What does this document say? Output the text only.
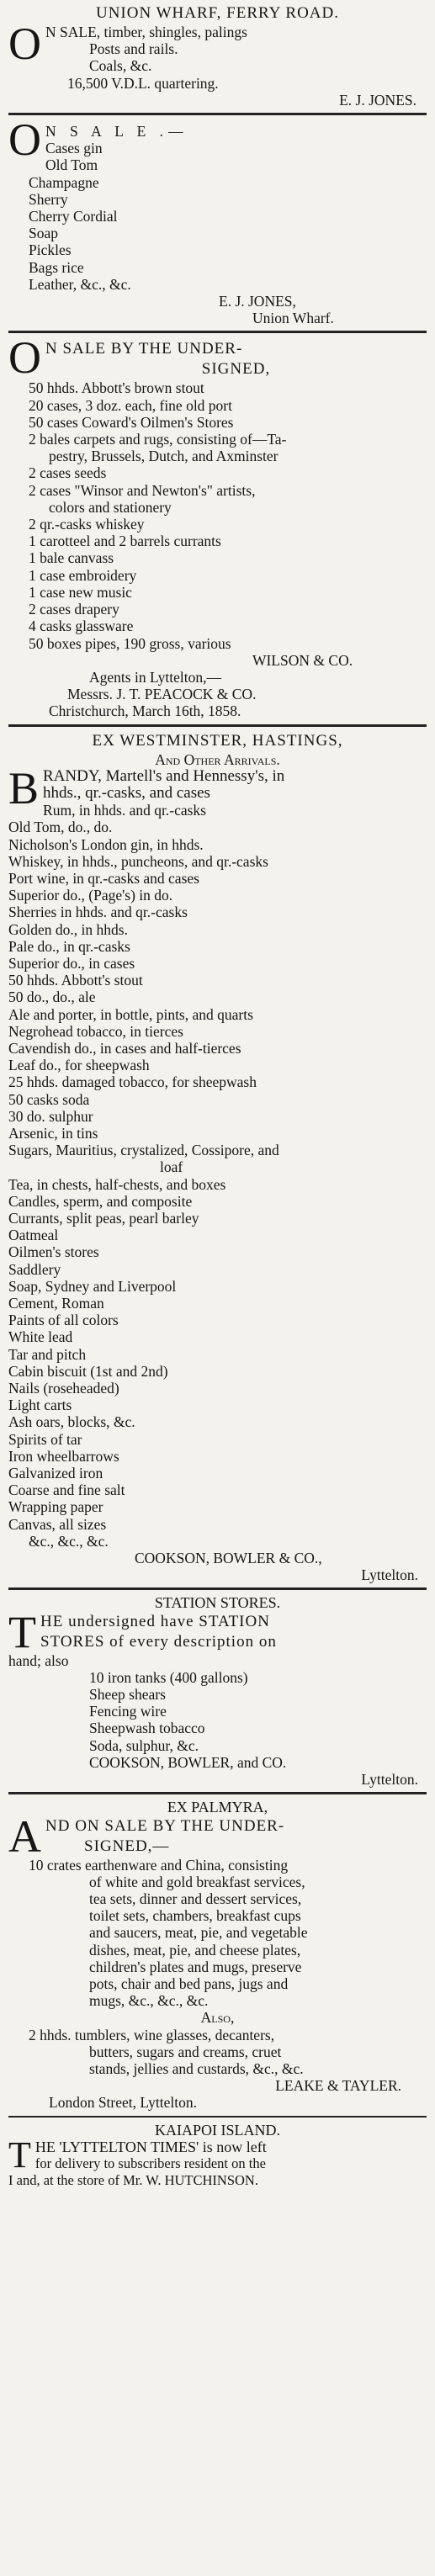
UNION WHARF, FERRY ROAD.
O N SALE, timber, shingles, palings
Posts and rails.
Coals, &c.
16,500 V.D.L. quartering.
E. J. JONES.
O N S A L E .—
Cases gin
Old Tom
Champagne
Sherry
Cherry Cordial
Soap
Pickles
Bags rice
Leather, &c., &c.
E. J. JONES,
Union Wharf.
O N SALE BY THE UNDER-
SIGNED,
50 hhds. Abbott's brown stout
20 cases, 3 doz. each, fine old port
50 cases Coward's Oilmen's Stores
2 bales carpets and rugs, consisting of—Ta-
pestry, Brussels, Dutch, and Axminster
2 cases seeds
2 cases "Winsor and Newton's" artists,
colors and stationery
2 qr.-casks whiskey
1 carotteel and 2 barrels currants
1 bale canvass
1 case embroidery
1 case new music
2 cases drapery
4 casks glassware
50 boxes pipes, 190 gross, various
WILSON & CO.
Agents in Lyttelton,—
Messrs. J. T. PEACOCK & CO.
Christchurch, March 16th, 1858.
EX WESTMINSTER, HASTINGS,
And Other Arrivals.
B RANDY, Martell's and Hennessy's, in
hhds., qr.-casks, and cases
Rum, in hhds. and qr.-casks
Old Tom, do., do.
Nicholson's London gin, in hhds.
Whiskey, in hhds., puncheons, and qr.-casks
Port wine, in qr.-casks and cases
Superior do., (Page's) in do.
Sherries in hhds. and qr.-casks
Golden do., in hhds.
Pale do., in qr.-casks
Superior do., in cases
50 hhds. Abbott's stout
50 do., do., ale
Ale and porter, in bottle, pints, and quarts
Negrohead tobacco, in tierces
Cavendish do., in cases and half-tierces
Leaf do., for sheepwash
25 hhds. damaged tobacco, for sheepwash
50 casks soda
30 do. sulphur
Arsenic, in tins
Sugars, Mauritius, crystalized, Cossipore, and
loaf
Tea, in chests, half-chests, and boxes
Candles, sperm, and composite
Currants, split peas, pearl barley
Oatmeal
Oilmen's stores
Saddlery
Soap, Sydney and Liverpool
Cement, Roman
Paints of all colors
White lead
Tar and pitch
Cabin biscuit (1st and 2nd)
Nails (roseheaded)
Light carts
Ash oars, blocks, &c.
Spirits of tar
Iron wheelbarrows
Galvanized iron
Coarse and fine salt
Wrapping paper
Canvas, all sizes
&c., &c., &c.
COOKSON, BOWLER & CO.,
Lyttelton.
STATION STORES.
T HE undersigned have STATION
STORES of every description on
hand; also
10 iron tanks (400 gallons)
Sheep shears
Fencing wire
Sheepwash tobacco
Soda, sulphur, &c.
COOKSON, BOWLER, and CO.
Lyttelton.
EX PALMYRA,
A ND ON SALE BY THE UNDER-
SIGNED,—
10 crates earthenware and China, consisting
of white and gold breakfast services,
tea sets, dinner and dessert services,
toilet sets, chambers, breakfast cups
and saucers, meat, pie, and vegetable
dishes, meat, pie, and cheese plates,
children's plates and mugs, preserve
pots, chair and bed pans, jugs and
mugs, &c., &c., &c.
Also,
2 hhds. tumblers, wine glasses, decanters,
butters, sugars and creams, cruet
stands, jellies and custards, &c., &c.
LEAKE & TAYLER.
London Street, Lyttelton.
KAIAPOI ISLAND.
T HE 'LYTTELTON TIMES' is now left
for delivery to subscribers resident on the
I and, at the store of Mr. W. HUTCHINSON.
